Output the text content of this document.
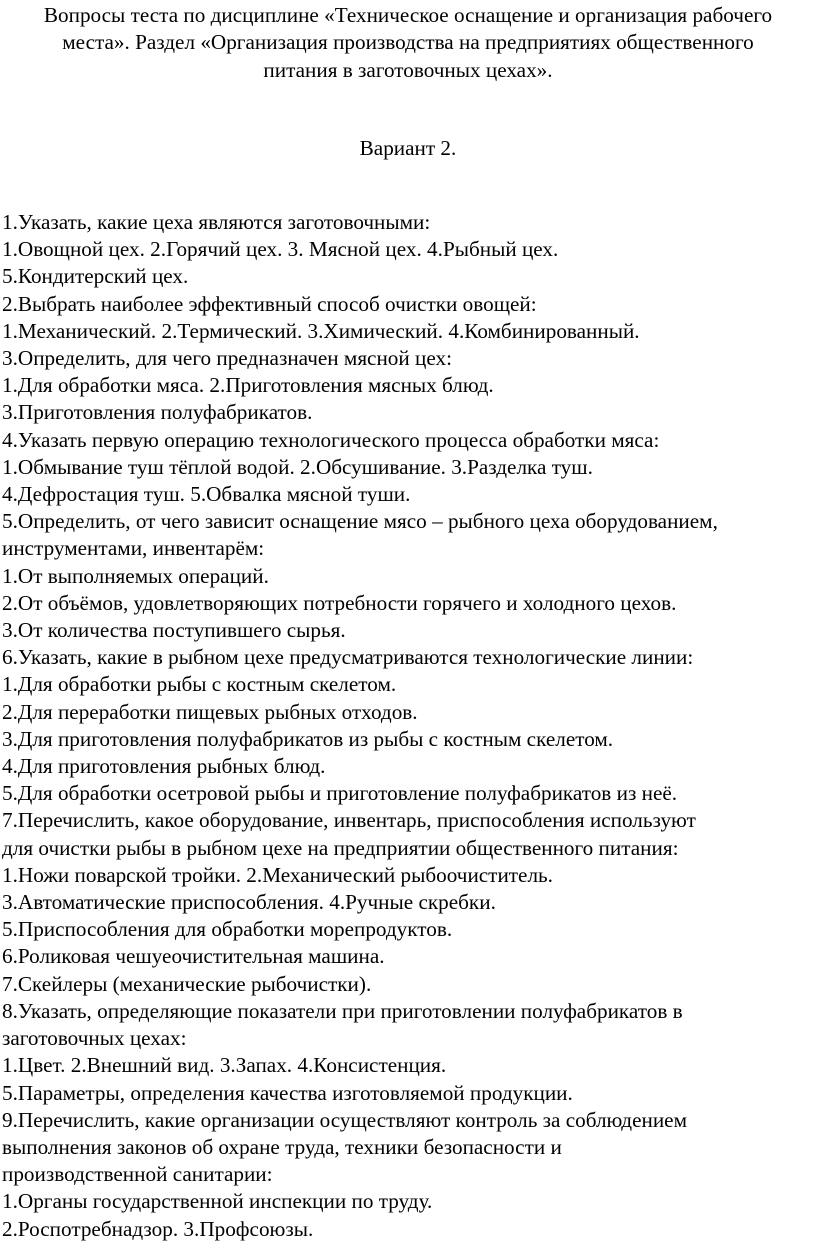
Вопросы теста по дисциплине «Техническое оснащение и организация рабочего
места». Раздел «Организация производства на предприятиях общественного
питания в заготовочных цехах».
Вариант 2.
1.Указать, какие цеха являются заготовочными:
1.Овощной цех. 2.Горячий цех. 3. Мясной цех. 4.Рыбный цех.
5.Кондитерский цех.
2.Выбрать наиболее эффективный способ очистки овощей:
1.Механический. 2.Термический. 3.Химический. 4.Комбинированный.
3.Определить, для чего предназначен мясной цех:
1.Для обработки мяса. 2.Приготовления мясных блюд.
3.Приготовления полуфабрикатов.
4.Указать первую операцию технологического процесса обработки мяса:
1.Обмывание туш тёплой водой. 2.Обсушивание. 3.Разделка туш.
4.Дефростация туш. 5.Обвалка мясной туши.
5.Определить, от чего зависит оснащение мясо – рыбного цеха оборудованием,
инструментами, инвентарём:
1.От выполняемых операций.
2.От объёмов, удовлетворяющих потребности горячего и холодного цехов.
3.От количества поступившего сырья.
6.Указать, какие в рыбном цехе предусматриваются технологические линии:
1.Для обработки рыбы с костным скелетом.
2.Для переработки пищевых рыбных отходов.
3.Для приготовления полуфабрикатов из рыбы с костным скелетом.
4.Для приготовления рыбных блюд.
5.Для обработки осетровой рыбы и приготовление полуфабрикатов из неё.
7.Перечислить, какое оборудование, инвентарь, приспособления используют
для очистки рыбы в рыбном цехе на предприятии общественного питания:
1.Ножи поварской тройки. 2.Механический рыбоочиститель.
3.Автоматические приспособления. 4.Ручные скребки.
5.Приспособления для обработки морепродуктов.
6.Роликовая чешуеочистительная машина.
7.Скейлеры (механические рыбочистки).
8.Указать, определяющие показатели при приготовлении полуфабрикатов в
заготовочных цехах:
1.Цвет. 2.Внешний вид. 3.Запах. 4.Консистенция.
5.Параметры, определения качества изготовляемой продукции.
9.Перечислить, какие организации осуществляют контроль за соблюдением
выполнения законов об охране труда, техники безопасности и
производственной санитарии:
1.Органы государственной инспекции по труду.
2.Роспотребнадзор. 3.Профсоюзы.
